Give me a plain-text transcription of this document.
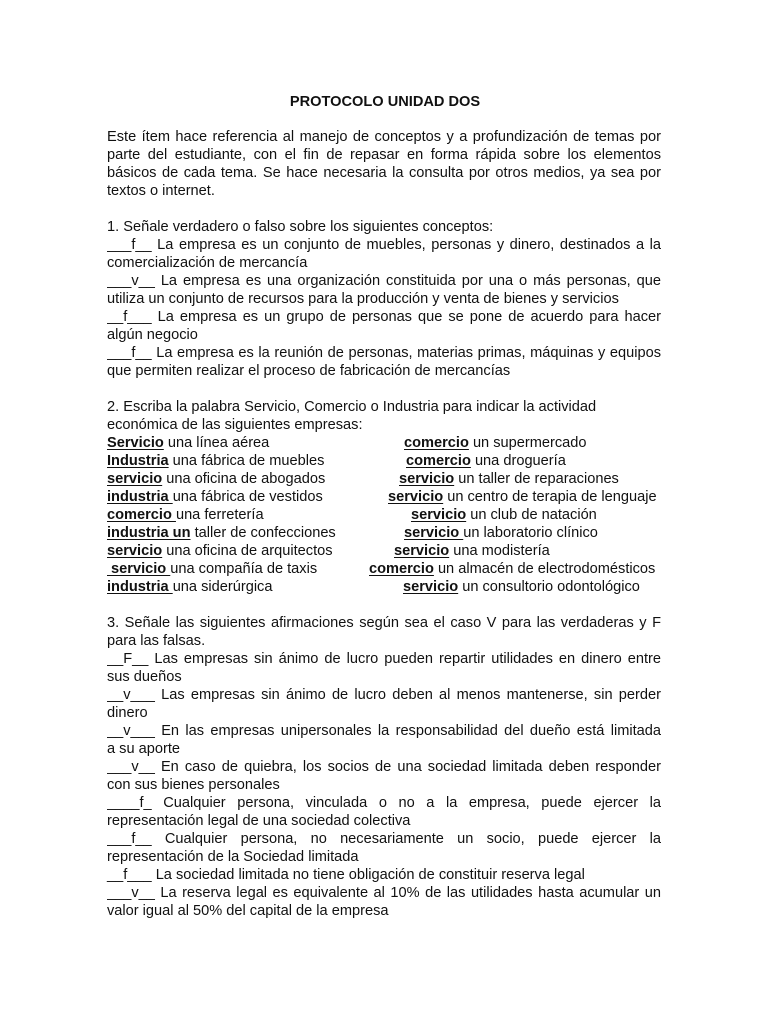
PROTOCOLO UNIDAD DOS
Este ítem hace referencia al manejo de conceptos y a profundización de temas por
parte del estudiante, con el fin de repasar en forma rápida sobre los elementos
básicos de cada tema. Se hace necesaria la consulta por otros medios, ya sea por
textos o internet.
1. Señale verdadero o falso sobre los siguientes conceptos:
___f__ La empresa es un conjunto de muebles, personas y dinero, destinados a la
comercialización de mercancía
___v__ La empresa es una organización constituida por una o más personas, que
utiliza un conjunto de recursos para la producción y venta de bienes y servicios
__f___ La empresa es un grupo de personas que se pone de acuerdo para hacer
algún negocio
___f__ La empresa es la reunión de personas, materias primas, máquinas y equipos
que permiten realizar el proceso de fabricación de mercancías
2. Escriba la palabra Servicio, Comercio o Industria para indicar la actividad
económica de las siguientes empresas:
Servicio una línea aérea	comercio un supermercado
Industria una fábrica de muebles	comercio una droguería
servicio una oficina de abogados	servicio un taller de reparaciones
industria una fábrica de vestidos	servicio un centro de terapia de lenguaje
comercio una ferretería	servicio un club de natación
industria un taller de confecciones	servicio un laboratorio clínico
servicio una oficina de arquitectos	servicio una modistería
servicio una compañía de taxis	comercio un almacén de electrodomésticos
industria una siderúrgica	servicio un consultorio odontológico
3. Señale las siguientes afirmaciones según sea el caso V para las verdaderas y F
para las falsas.
__F__ Las empresas sin ánimo de lucro pueden repartir utilidades en dinero entre
sus dueños
__v___ Las empresas sin ánimo de lucro deben al menos mantenerse, sin perder
dinero
__v___ En las empresas unipersonales la responsabilidad del dueño está limitada
a su aporte
___v__ En caso de quiebra, los socios de una sociedad limitada deben responder
con sus bienes personales
____f_ Cualquier persona, vinculada o no a la empresa, puede ejercer la
representación legal de una sociedad colectiva
___f__ Cualquier persona, no necesariamente un socio, puede ejercer la
representación de la Sociedad limitada
__f___ La sociedad limitada no tiene obligación de constituir reserva legal
___v__ La reserva legal es equivalente al 10% de las utilidades hasta acumular un
valor igual al 50% del capital de la empresa
